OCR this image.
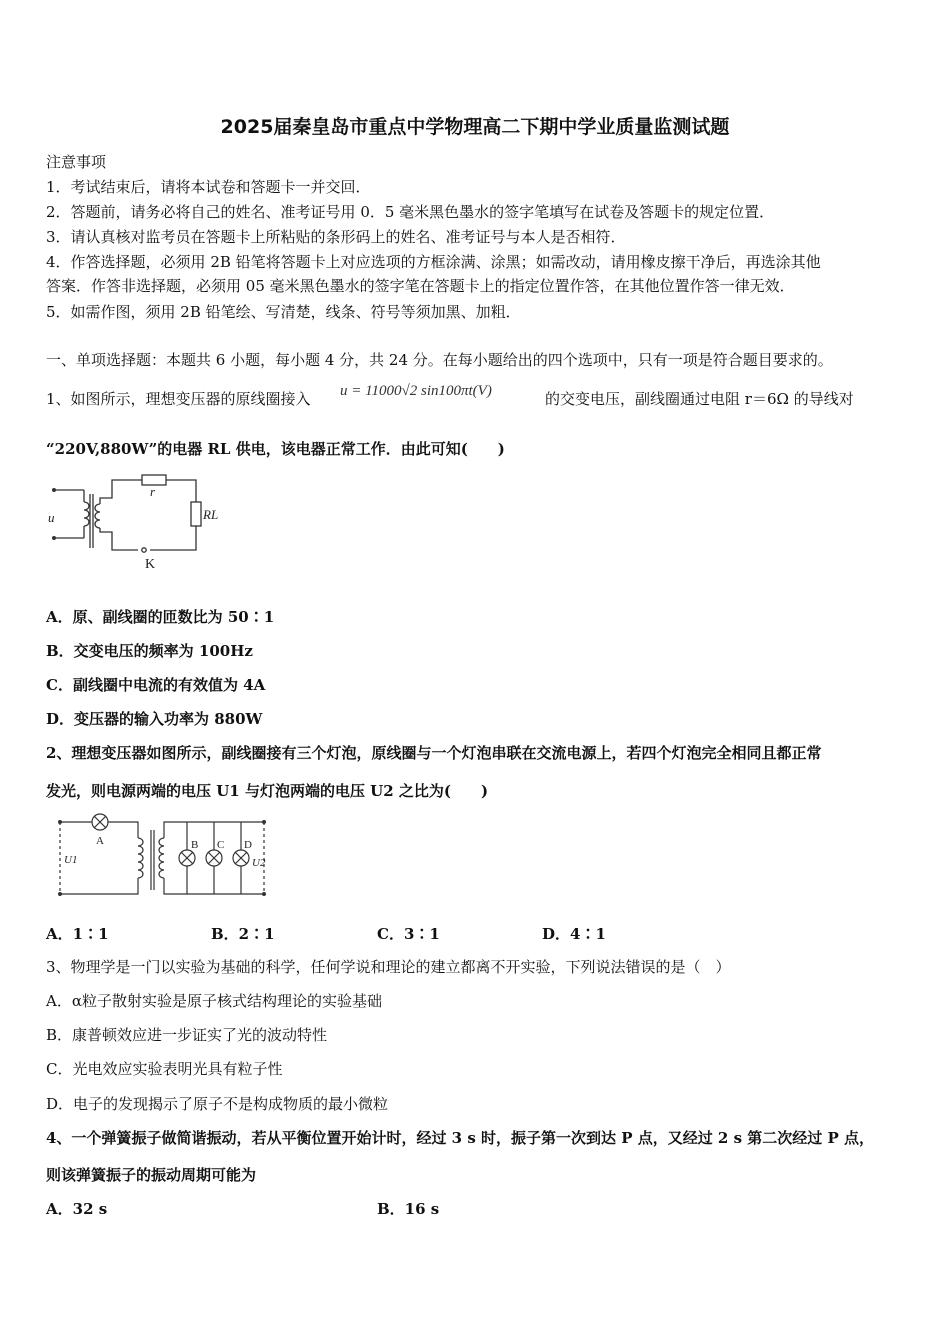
2025届秦皇岛市重点中学物理高二下期中学业质量监测试题
注意事项
1．考试结束后，请将本试卷和答题卡一并交回．
2．答题前，请务必将自己的姓名、准考证号用 0．5 毫米黑色墨水的签字笔填写在试卷及答题卡的规定位置．
3．请认真核对监考员在答题卡上所粘贴的条形码上的姓名、准考证号与本人是否相符．
4．作答选择题，必须用 2B 铅笔将答题卡上对应选项的方框涂满、涂黑；如需改动，请用橡皮擦干净后，再选涂其他
答案．作答非选择题，必须用 05 毫米黑色墨水的签字笔在答题卡上的指定位置作答，在其他位置作答一律无效．
5．如需作图，须用 2B 铅笔绘、写清楚，线条、符号等须加黑、加粗．
一、单项选择题：本题共 6 小题，每小题 4 分，共 24 分。在每小题给出的四个选项中，只有一项是符合题目要求的。
1、如图所示，理想变压器的原线圈接入 u = 11000√2 sin100πt(V)	的交变电压，副线圈通过电阻 r＝6Ω 的导线对
“220V,880W”的电器 RL 供电，该电器正常工作．由此可知(　　)
u
r
RL
K
A．原、副线圈的匝数比为 50∶1
B．交变电压的频率为 100Hz
C．副线圈中电流的有效值为 4A
D．变压器的输入功率为 880W
2、理想变压器如图所示，副线圈接有三个灯泡，原线圈与一个灯泡串联在交流电源上，若四个灯泡完全相同且都正常
发光，则电源两端的电压 U1 与灯泡两端的电压 U2 之比为(　　)
A	B C D
U1	U2
A．1∶1	B．2∶1	C．3∶1	D．4∶1
3、物理学是一门以实验为基础的科学，任何学说和理论的建立都离不开实验，下列说法错误的是（　）
A．α粒子散射实验是原子核式结构理论的实验基础
B．康普顿效应进一步证实了光的波动特性
C．光电效应实验表明光具有粒子性
D．电子的发现揭示了原子不是构成物质的最小微粒
4、一个弹簧振子做简谐振动，若从平衡位置开始计时，经过 3 s 时，振子第一次到达 P 点，又经过 2 s 第二次经过 P 点，
则该弹簧振子的振动周期可能为
A．32 s	B．16 s
